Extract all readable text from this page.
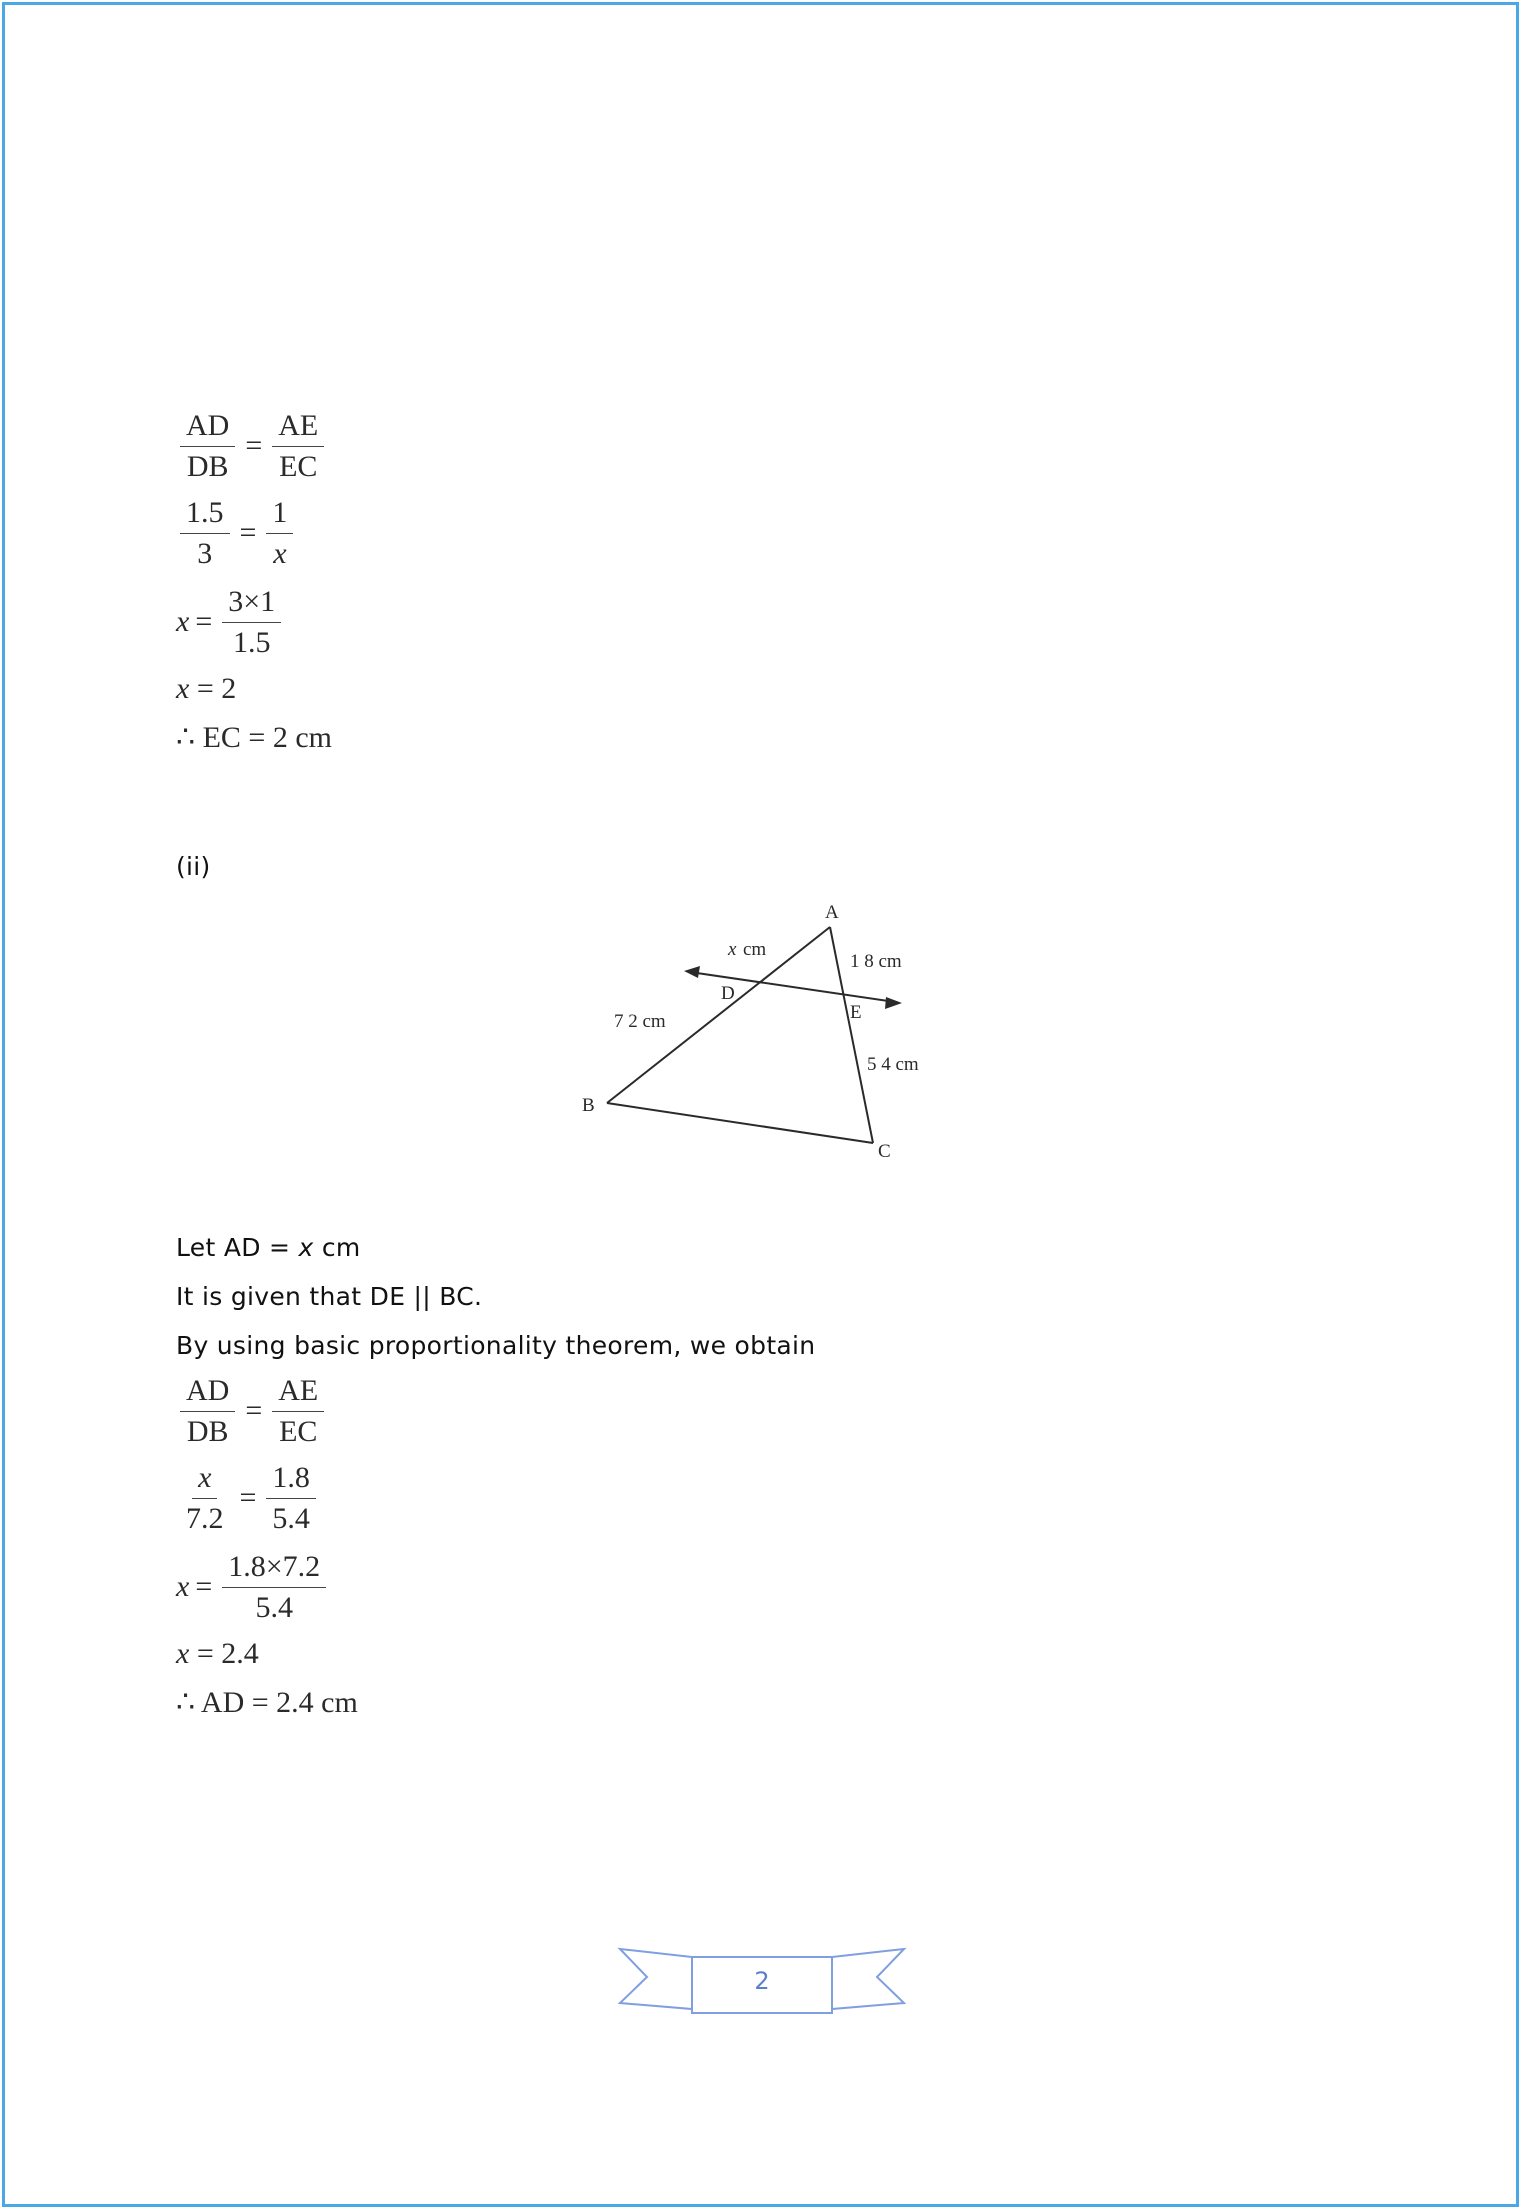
$\frac{AD}{DB} = \frac{AE}{EC}$
$\frac{1.5}{3} = \frac{1}{x}$
$x = \frac{3\times 1}{1.5}$
x
= 2
∴ EC = 2 cm
(ii)
A
B
C
D
E
x cm
1 8 cm
7 2 cm
5 4 cm
Let AD = x cm
It is given that DE || BC.
By using basic proportionality theorem, we obtain
$\frac{AD}{DB} = \frac{AE}{EC}$
$\frac{x}{7.2} = \frac{1.8}{5.4}$
$x = \frac{1.8\times 7.2}{5.4}$
x
= 2.4
∴ AD = 2.4 cm
2
